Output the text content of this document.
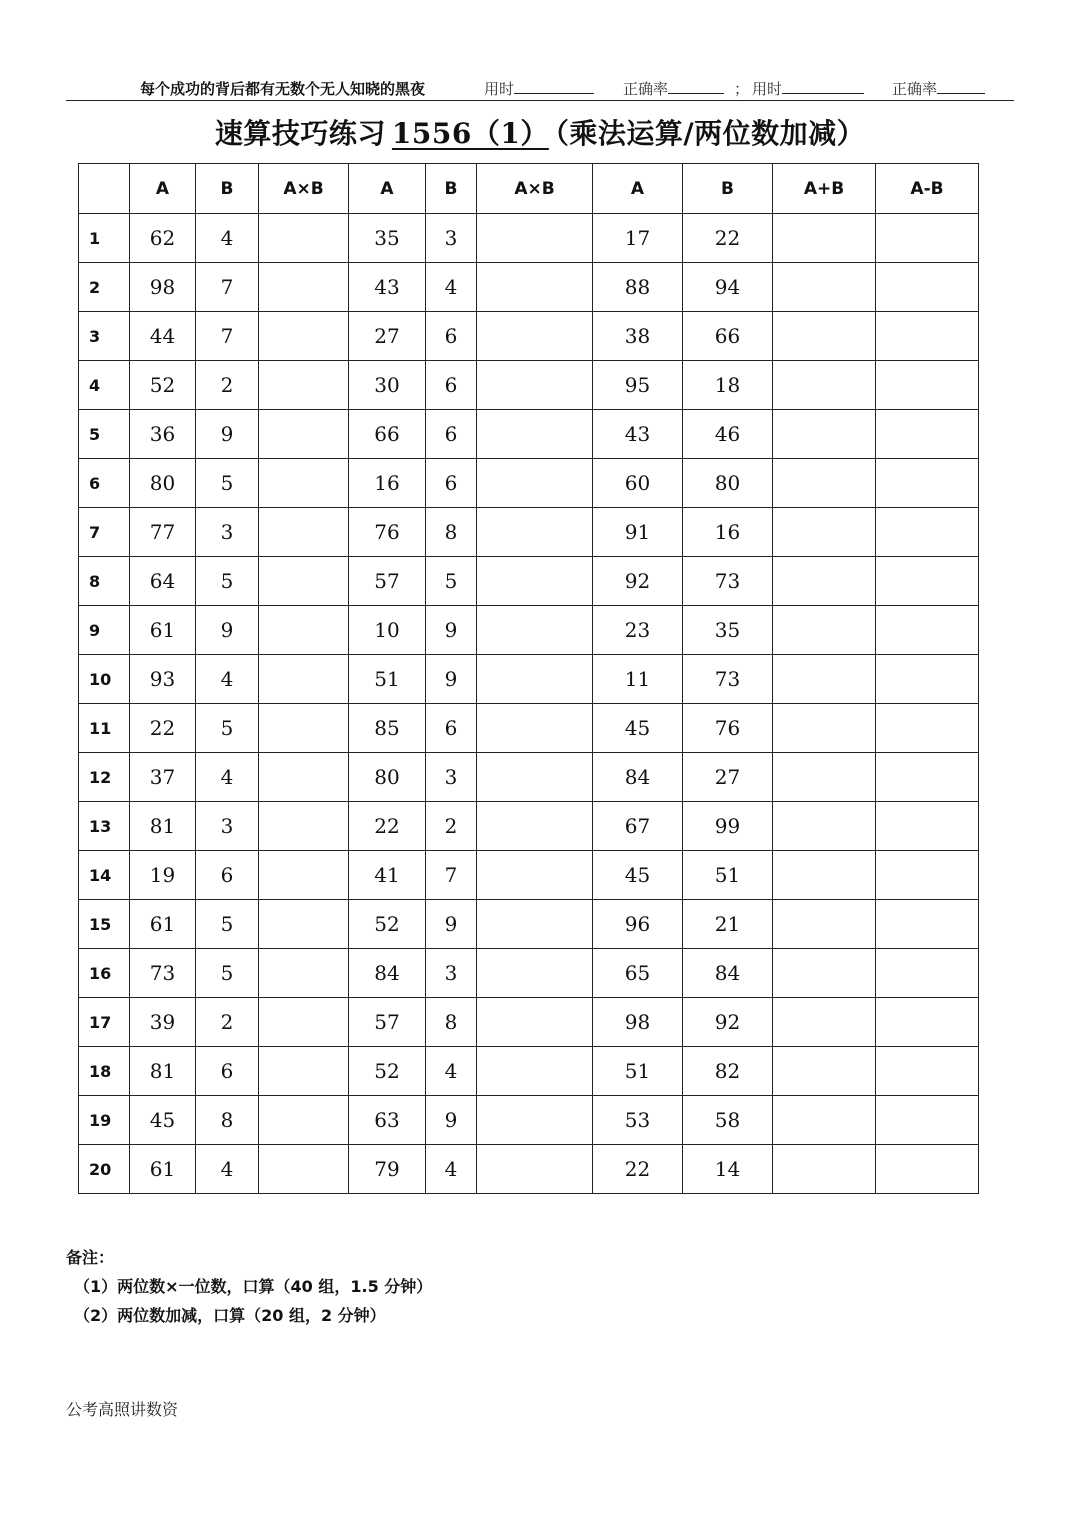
每个成功的背后都有无数个无人知晓的黑夜	用时	正确率	； 用时	正确率
速算技巧练习 1556（1） （乘法运算/两位数加减）
	A	B	A×B	A	B	A×B	A	B	A+B	A-B
1	62	4		35	3		17	22		
2	98	7		43	4		88	94		
3	44	7		27	6		38	66		
4	52	2		30	6		95	18		
5	36	9		66	6		43	46		
6	80	5		16	6		60	80		
7	77	3		76	8		91	16		
8	64	5		57	5		92	73		
9	61	9		10	9		23	35		
10	93	4		51	9		11	73		
11	22	5		85	6		45	76		
12	37	4		80	3		84	27		
13	81	3		22	2		67	99		
14	19	6		41	7		45	51		
15	61	5		52	9		96	21		
16	73	5		84	3		65	84		
17	39	2		57	8		98	92		
18	81	6		52	4		51	82		
19	45	8		63	9		53	58		
20	61	4		79	4		22	14		
备注：
（1）两位数×一位数，口算（40 组，1.5 分钟）
（2）两位数加减，口算（20 组，2 分钟）
公考高照讲数资
